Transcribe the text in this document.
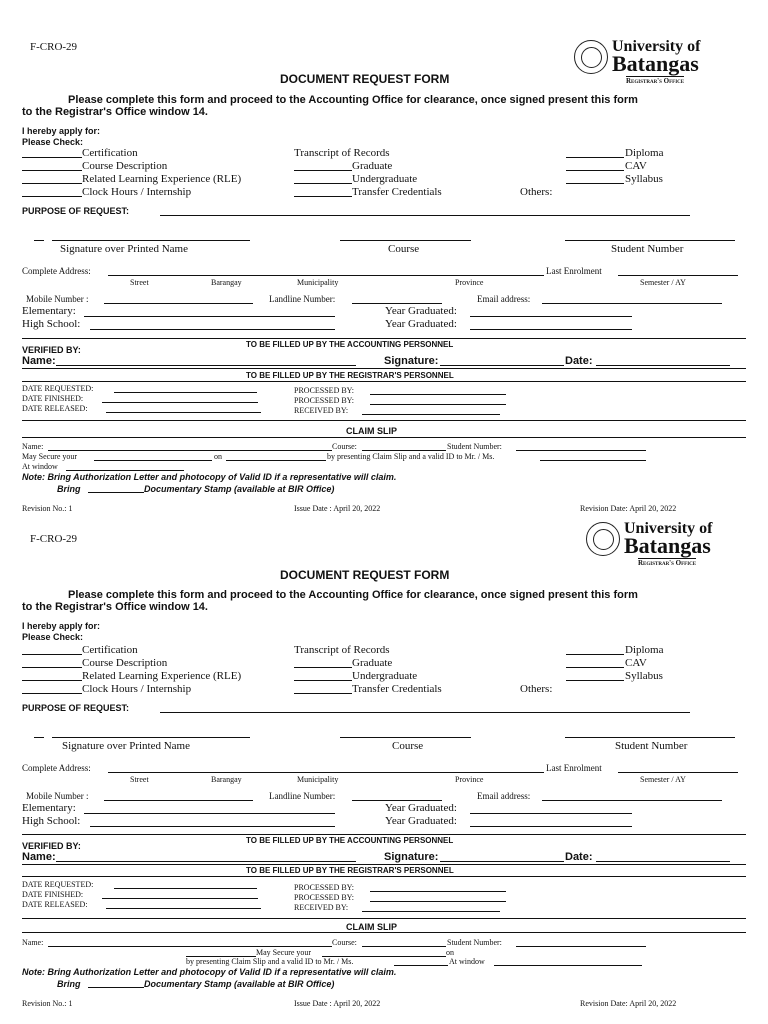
F-CRO-29	University of
Batangas
Registrar's Office
DOCUMENT REQUEST FORM
Please complete this form and proceed to the Accounting Office for clearance, once signed present this form
to the Registrar's Office window 14.
I hereby apply for:
Please Check:
Certification
Course Description
Related Learning Experience (RLE)
Clock Hours / Internship
Transcript of Records
Graduate
Undergraduate
Transfer Credentials
Diploma
CAV
Syllabus
Others:
PURPOSE OF REQUEST:
Signature over Printed Name	Course	Student Number
Complete Address:	Last Enrolment
Street	Barangay	Municipality	Province	Semester / AY
Mobile Number :	Landline Number:	Email address:
Elementary:	Year Graduated:
High School:	Year Graduated:
TO BE FILLED UP BY THE ACCOUNTING PERSONNEL
VERIFIED BY:
Name:	Signature:	Date:
TO BE FILLED UP BY THE REGISTRAR'S PERSONNEL
DATE REQUESTED:
DATE FINISHED:
DATE RELEASED:
PROCESSED BY:
PROCESSED BY:
RECEIVED BY:
CLAIM SLIP
Name:	Course:	Student Number:
May Secure your	on	by presenting Claim Slip and a valid ID to Mr. / Ms.
At window
Note: Bring Authorization Letter and photocopy of Valid ID if a representative will claim.
Bring	Documentary Stamp (available at BIR Office)
Revision No.: 1	Issue Date : April 20, 2022	Revision Date: April 20, 2022
F-CRO-29
University of
Batangas
Registrar's Office
DOCUMENT REQUEST FORM
Please complete this form and proceed to the Accounting Office for clearance, once signed present this form
to the Registrar's Office window 14.
I hereby apply for:
Please Check:
Certification
Course Description
Related Learning Experience (RLE)
Clock Hours / Internship
Transcript of Records
Graduate
Undergraduate
Transfer Credentials
Diploma
CAV
Syllabus
Others:
PURPOSE OF REQUEST:
Signature over Printed Name	Course	Student Number
Complete Address:	Last Enrolment
Street	Barangay	Municipality	Province	Semester / AY
Mobile Number :	Landline Number:	Email address:
Elementary:	Year Graduated:
High School:	Year Graduated:
TO BE FILLED UP BY THE ACCOUNTING PERSONNEL
VERIFIED BY:
Name:	Signature:	Date:
TO BE FILLED UP BY THE REGISTRAR'S PERSONNEL
DATE REQUESTED:
DATE FINISHED:
DATE RELEASED:
PROCESSED BY:
PROCESSED BY:
RECEIVED BY:
CLAIM SLIP
Name:	Course:	Student Number:
May Secure your	on
by presenting Claim Slip and a valid ID to Mr. / Ms.	At window
Note: Bring Authorization Letter and photocopy of Valid ID if a representative will claim.
Bring	Documentary Stamp (available at BIR Office)
Revision No.: 1	Issue Date : April 20, 2022	Revision Date: April 20, 2022
